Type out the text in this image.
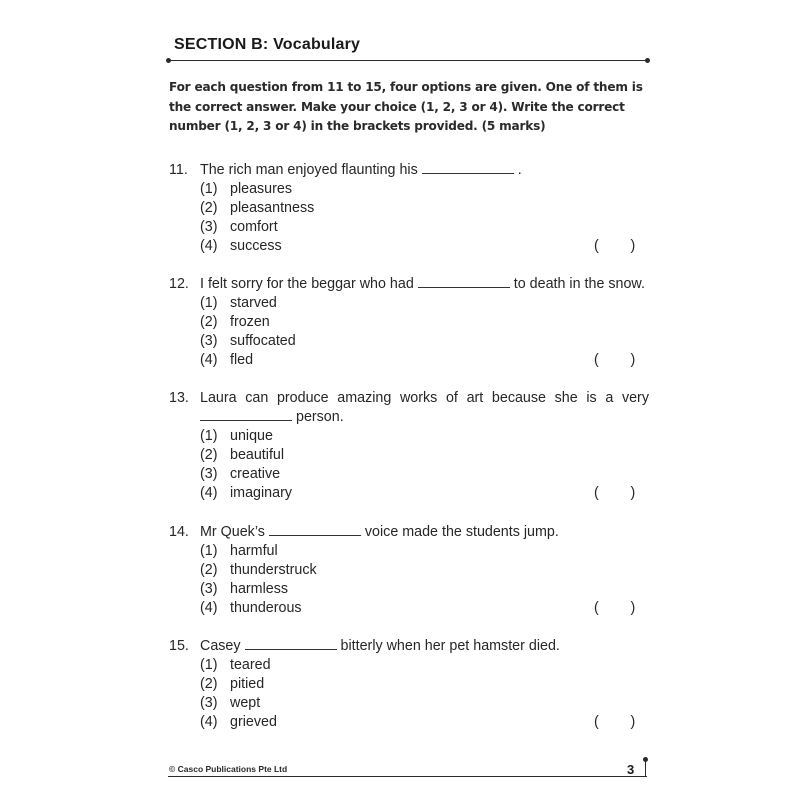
SECTION B: Vocabulary

For each question from 11 to 15, four options are given. One of them is the correct answer. Make your choice (1, 2, 3 or 4). Write the correct number (1, 2, 3 or 4) in the brackets provided. (5 marks)

11. The rich man enjoyed flaunting his	.
(1) pleasures
(2) pleasantness
(3) comfort
(4) success	(        )
12. I felt sorry for the beggar who had	to death in the snow.
(1) starved
(2) frozen
(3) suffocated
(4) fled	(        )
13. Laura can produce amazing works of art because she is a very
person.
(1) unique
(2) beautiful
(3) creative
(4) imaginary	(        )
14. Mr Quek’s	voice made the students jump.
(1) harmful
(2) thunderstruck
(3) harmless
(4) thunderous	(        )
15. Casey	bitterly when her pet hamster died.
(1) teared
(2) pitied
(3) wept
(4) grieved	(        )
© Casco Publications Pte Ltd	3
